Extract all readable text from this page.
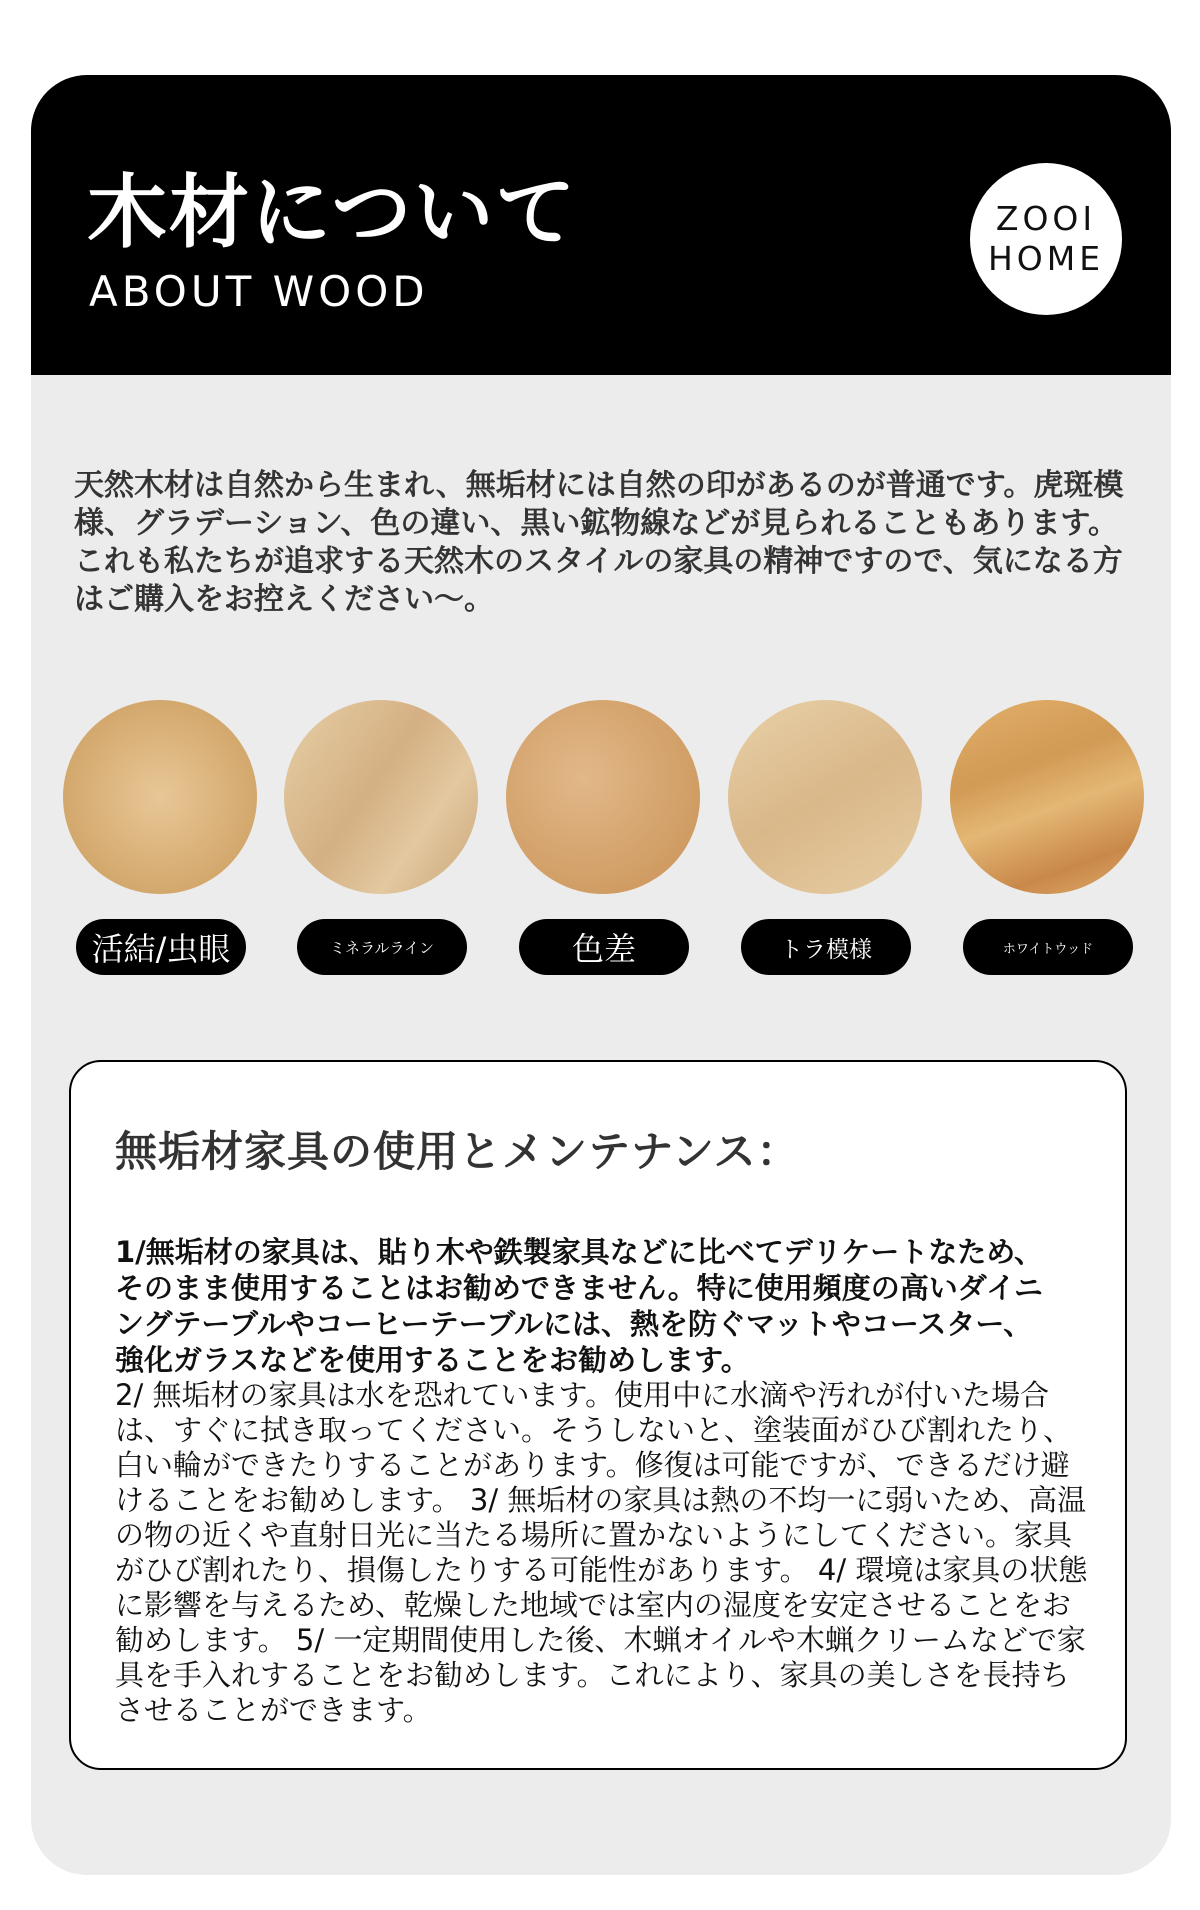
木材について
ABOUT WOOD
ZOOI
HOME
天然木材は自然から生まれ、無垢材には自然の印があるのが普通です。虎斑模様、グラデーション、色の違い、黒い鉱物線などが見られることもあります。これも私たちが追求する天然木のスタイルの家具の精神ですので、気になる方はご購入をお控えください〜。
活結/虫眼	ミネラルライン	色差	トラ模様	ホワイトウッド
無垢材家具の使用とメンテナンス：
1/無垢材の家具は、貼り木や鉄製家具などに比べてデリケートなため、そのまま使用することはお勧めできません。特に使用頻度の高いダイニングテーブルやコーヒーテーブルには、熱を防ぐマットやコースター、強化ガラスなどを使用することをお勧めします。
2/ 無垢材の家具は水を恐れています。使用中に水滴や汚れが付いた場合は、すぐに拭き取ってください。そうしないと、塗装面がひび割れたり、白い輪ができたりすることがあります。修復は可能ですが、できるだけ避けることをお勧めします。 3/ 無垢材の家具は熱の不均一に弱いため、高温の物の近くや直射日光に当たる場所に置かないようにしてください。家具がひび割れたり、損傷したりする可能性があります。 4/ 環境は家具の状態に影響を与えるため、乾燥した地域では室内の湿度を安定させることをお勧めします。 5/ 一定期間使用した後、木蝋オイルや木蝋クリームなどで家具を手入れすることをお勧めします。これにより、家具の美しさを長持ちさせることができます。
